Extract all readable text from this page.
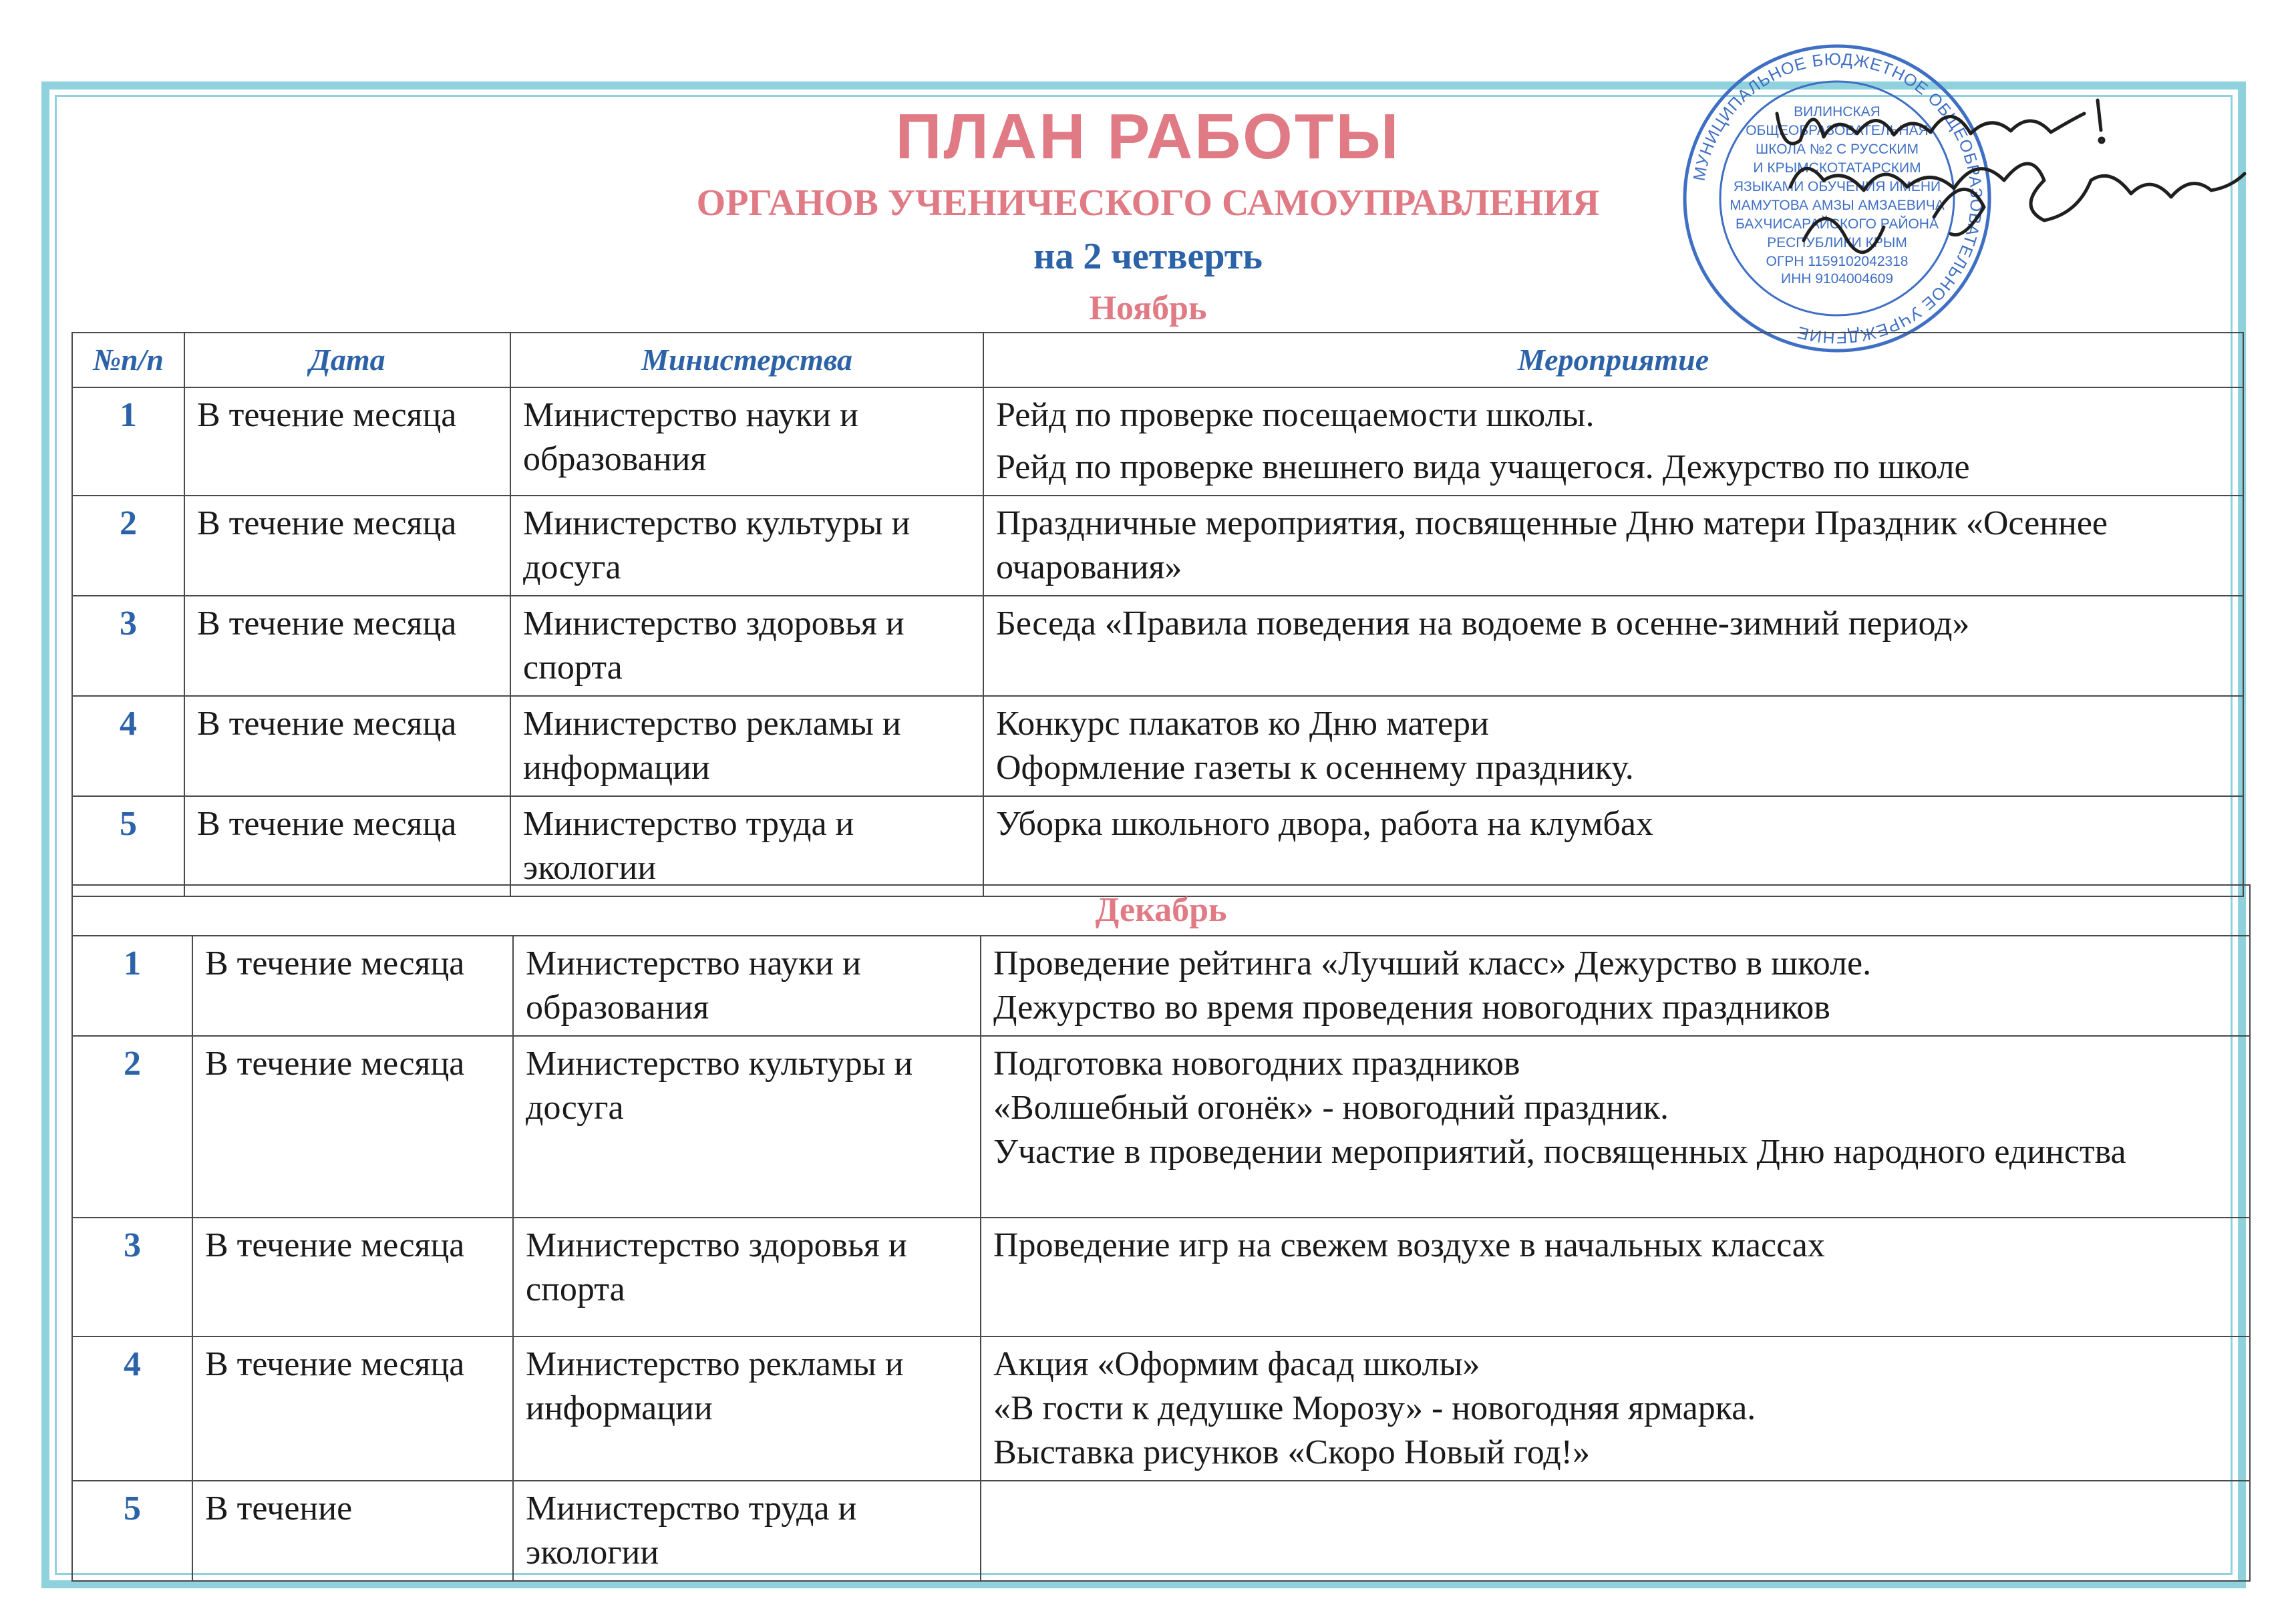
ПЛАН РАБОТЫ
ОРГАНОВ УЧЕНИЧЕСКОГО САМОУПРАВЛЕНИЯ
на 2 четверть
МУНИЦИПАЛЬНОЕ БЮДЖЕТНОЕ ОБЩЕОБРАЗОВАТЕЛЬНОЕ УЧРЕЖДЕНИЕ
ВИЛИНСКАЯ
ОБЩЕОБРАЗОВАТЕЛЬНАЯ
ШКОЛА №2 С РУССКИМ
И КРЫМСКОТАТАРСКИМ
ЯЗЫКАМИ ОБУЧЕНИЯ ИМЕНИ
МАМУТОВА АМЗЫ АМЗАЕВИЧА
БАХЧИСАРАЙСКОГО РАЙОНА
РЕСПУБЛИКИ КРЫМ
ОГРН 1159102042318
ИНН 9104004609
Ноябрь
№п/п	Дата	Министерства	Мероприятие
1	В течение месяца	Министерство науки и образования	Рейд по проверке посещаемости школы.
Рейд по проверке внешнего вида учащегося. Дежурство по школе

2	В течение месяца	Министерство культуры и досуга	Праздничные мероприятия, посвященные Дню матери Праздник «Осеннее очарования»

3	В течение месяца	Министерство здоровья и спорта	Беседа «Правила поведения на водоеме в осенне-зимний период»

4	В течение месяца	Министерство рекламы и информации	Конкурс плакатов ко Дню матери
Оформление газеты к осеннему празднику.

5	В течение месяца	Министерство труда и экологии	Уборка школьного двора, работа на клумбах
Декабрь			
1	В течение месяца	Министерство науки и образования	Проведение рейтинга «Лучший класс» Дежурство в школе.
Дежурство во время проведения новогодних праздников

2	В течение месяца	Министерство культуры и досуга	Подготовка новогодних праздников
«Волшебный огонёк» - новогодний праздник.
Участие в проведении мероприятий, посвященных Дню народного единства

3	В течение месяца	Министерство здоровья и спорта	Проведение игр на свежем воздухе в начальных классах

4	В течение месяца	Министерство рекламы и информации	Акция «Оформим фасад школы»
«В гости к дедушке Морозу» - новогодняя ярмарка.
Выставка рисунков «Скоро Новый год!»

5	В течение	Министерство труда и экологии	
